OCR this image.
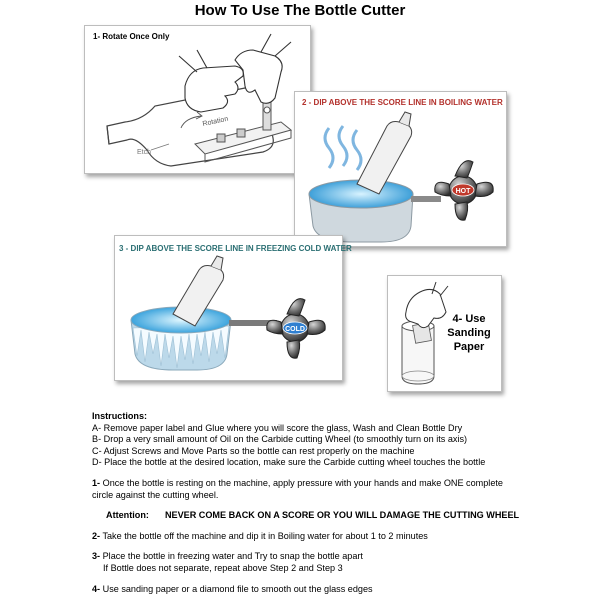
How To Use The Bottle Cutter
1- Rotate Once Only
Rotation
Etch
2 - DIP ABOVE THE SCORE LINE IN BOILING WATER
HOT
3 - DIP ABOVE THE SCORE LINE IN FREEZING COLD WATER
COLD
4- Use
Sanding
Paper

Instructions:

A- Remove paper label and Glue where you will score the glass, Wash and Clean Bottle Dry

B- Drop a very small amount of Oil on the Carbide cutting Wheel (to smoothly turn on its axis)

C- Adjust Screws and Move Parts so the bottle can rest properly on the machine

D- Place the bottle at the desired location, make sure the Carbide cutting wheel touches the bottle

1- Once the bottle is resting on the machine, apply pressure with your hands and make ONE complete

circle against the cutting wheel.

Attention: NEVER COME BACK ON A SCORE OR YOU WILL DAMAGE THE CUTTING WHEEL

2- Take the bottle off the machine and dip it in Boiling water for about 1 to 2 minutes

3- Place the bottle in freezing water and Try to snap the bottle apart

If Bottle does not separate, repeat above Step 2 and Step 3

4- Use sanding paper or a diamond file to smooth out the glass edges
